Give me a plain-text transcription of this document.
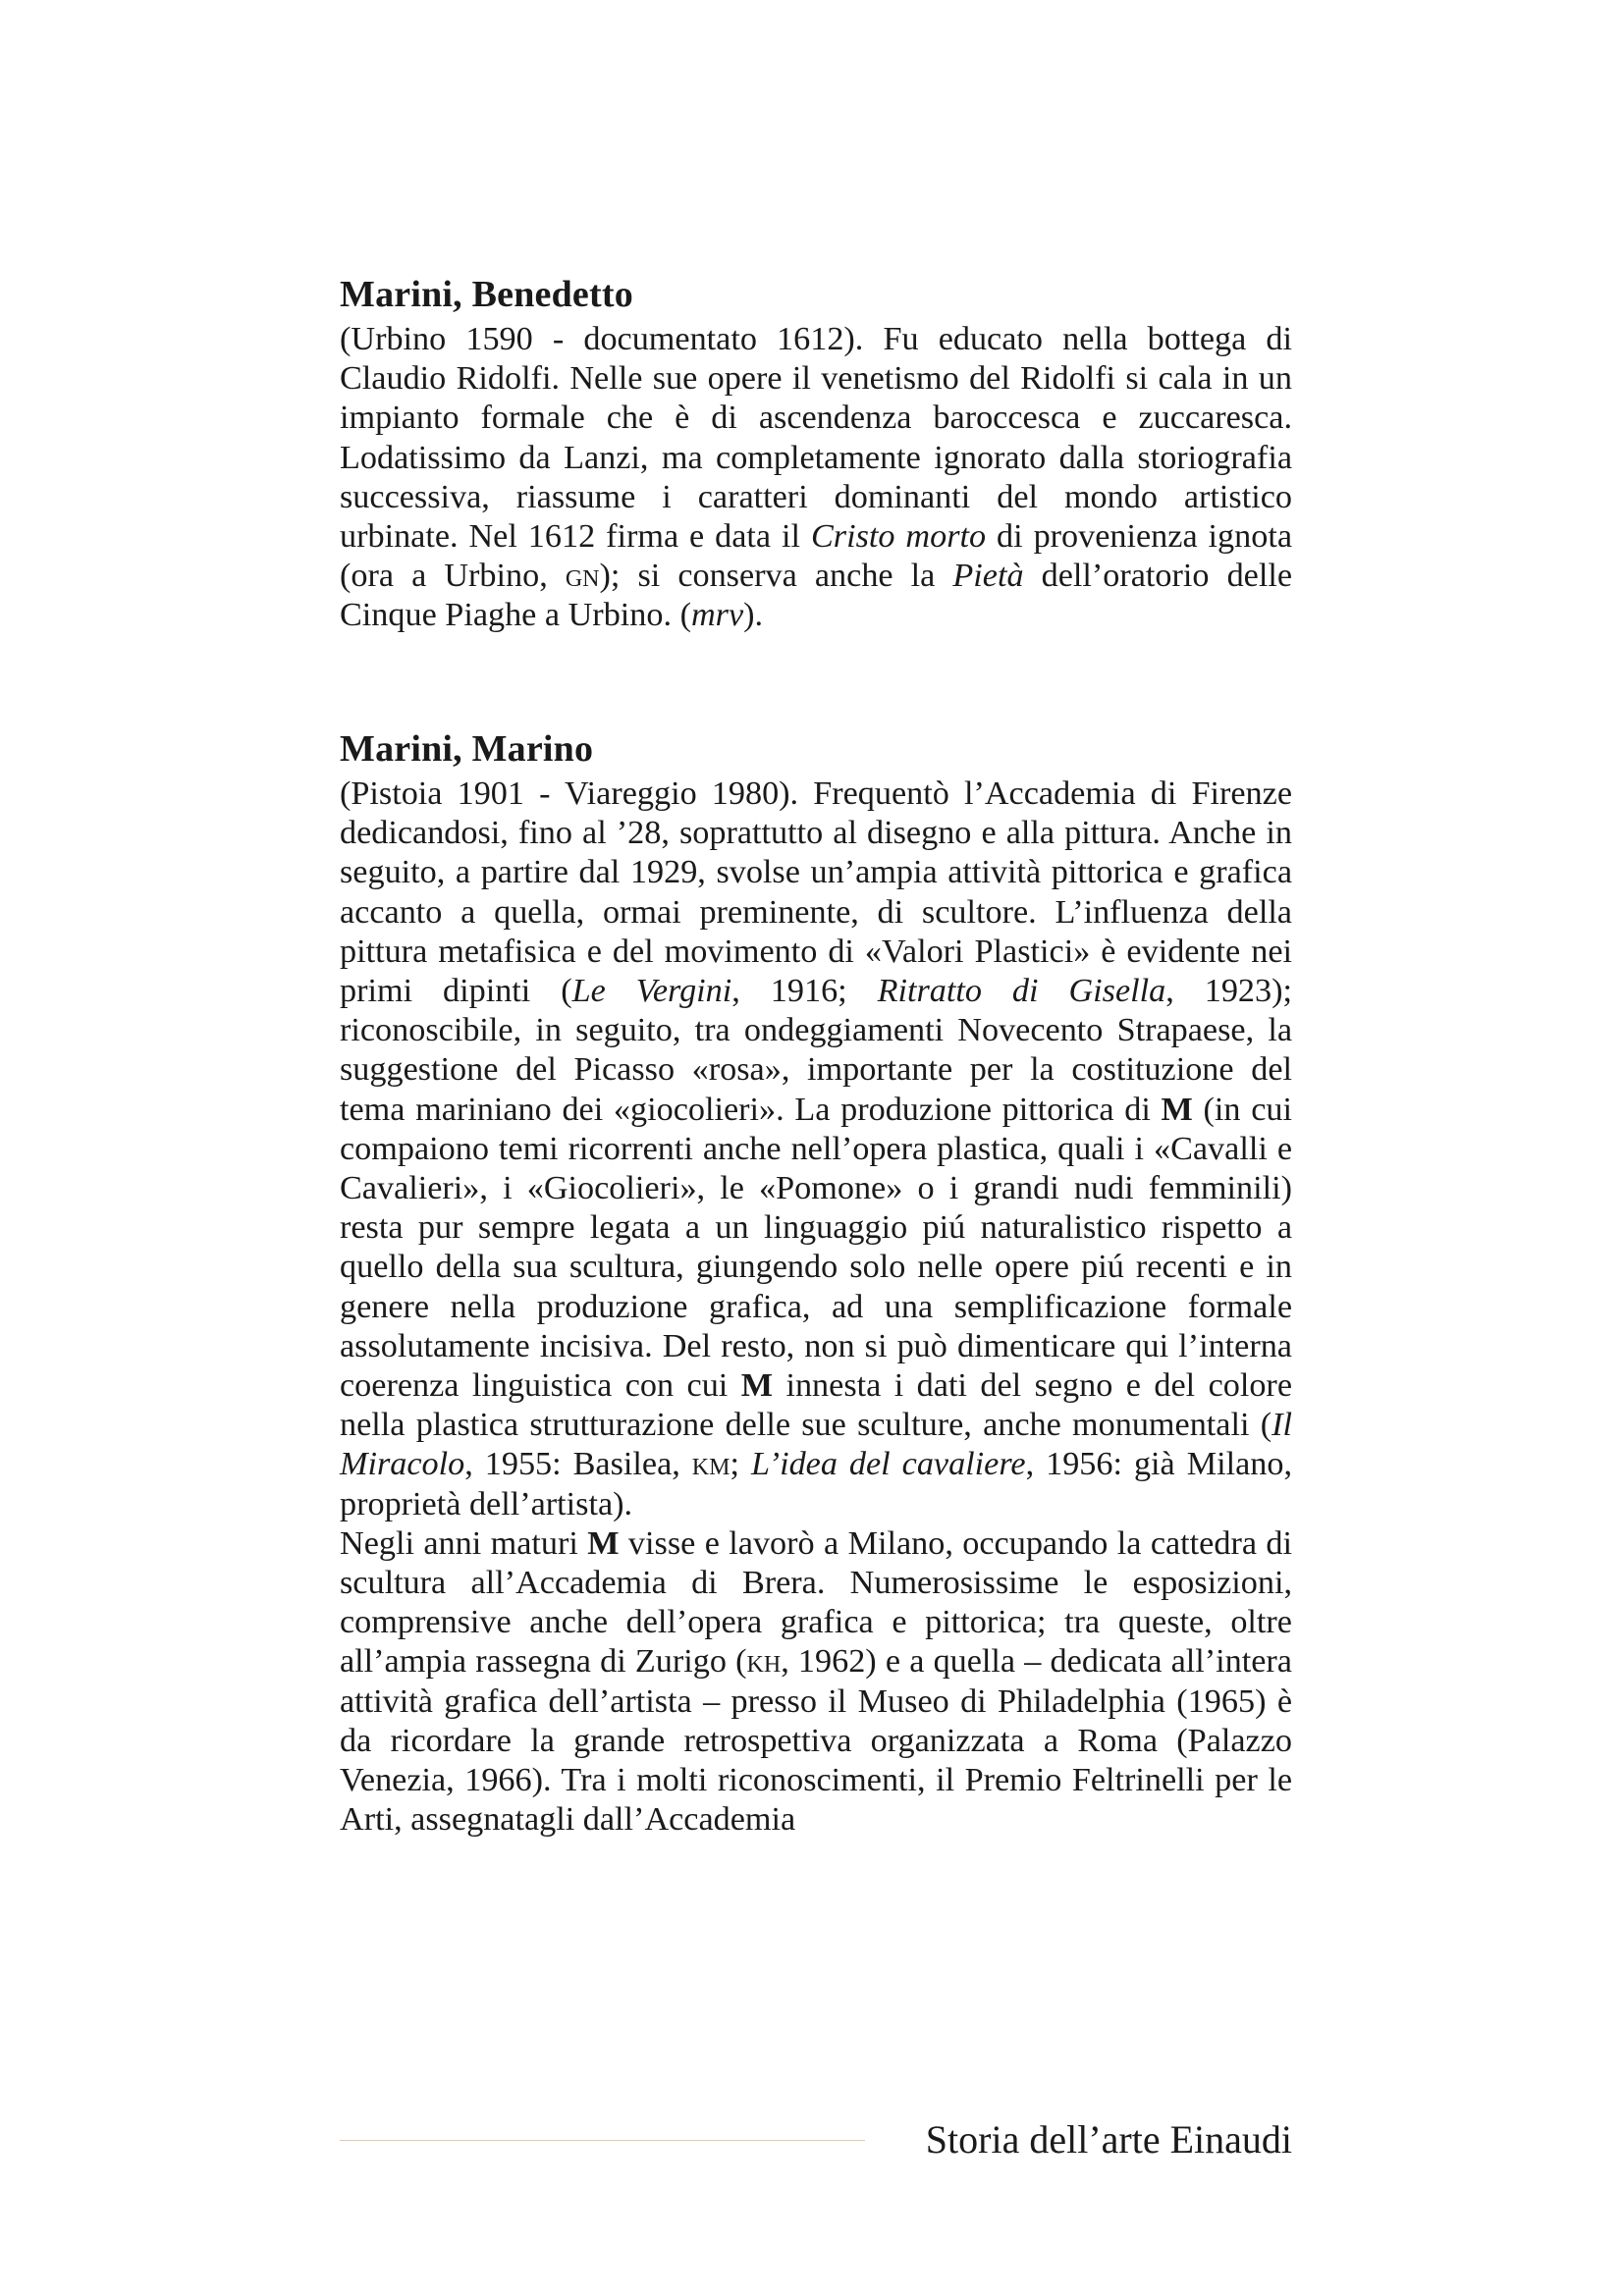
Marini, Benedetto

(Urbino 1590 - documentato 1612). Fu educato nella bottega di Claudio Ridolfi. Nelle sue opere il venetismo del Ridolfi si cala in un impianto formale che è di ascendenza baroccesca e zuccaresca. Lodatissimo da Lanzi, ma completamente ignorato dalla storiografia successiva, riassume i caratteri dominanti del mondo artistico urbinate. Nel 1612 firma e data il Cristo morto di provenienza ignota (ora a Urbino, gn); si conserva anche la Pietà dell’oratorio delle Cinque Piaghe a Urbino. (mrv).

Marini, Marino

(Pistoia 1901 - Viareggio 1980). Frequentò l’Accademia di Firenze dedicandosi, fino al ’28, soprattutto al disegno e alla pittura. Anche in seguito, a partire dal 1929, svolse un’ampia attività pittorica e grafica accanto a quella, ormai preminente, di scultore. L’influenza della pittura metafisica e del movimento di «Valori Plastici» è evidente nei primi dipinti (Le Vergini, 1916; Ritratto di Gisella, 1923); riconoscibile, in seguito, tra ondeggiamenti Novecento Strapaese, la suggestione del Picasso «rosa», importante per la costituzione del tema mariniano dei «giocolieri». La produzione pittorica di M (in cui compaiono temi ricorrenti anche nell’opera plastica, quali i «Cavalli e Cavalieri», i «Giocolieri», le «Pomone» o i grandi nudi femminili) resta pur sempre legata a un linguaggio piú naturalistico rispetto a quello della sua scultura, giungendo solo nelle opere piú recenti e in genere nella produzione grafica, ad una semplificazione formale assolutamente incisiva. Del resto, non si può dimenticare qui l’interna coerenza linguistica con cui M innesta i dati del segno e del colore nella plastica strutturazione delle sue sculture, anche monumentali (Il Miracolo, 1955: Basilea, km; L’idea del cavaliere, 1956: già Milano, proprietà dell’artista).

Negli anni maturi M visse e lavorò a Milano, occupando la cattedra di scultura all’Accademia di Brera. Numerosissime le esposizioni, comprensive anche dell’opera grafica e pittorica; tra queste, oltre all’ampia rassegna di Zurigo (kh, 1962) e a quella – dedicata all’intera attività grafica dell’artista – presso il Museo di Philadelphia (1965) è da ricordare la grande retrospettiva organizzata a Roma (Palazzo Venezia, 1966). Tra i molti riconoscimenti, il Premio Feltrinelli per le Arti, assegnatagli dall’Accademia

Storia dell’arte Einaudi
